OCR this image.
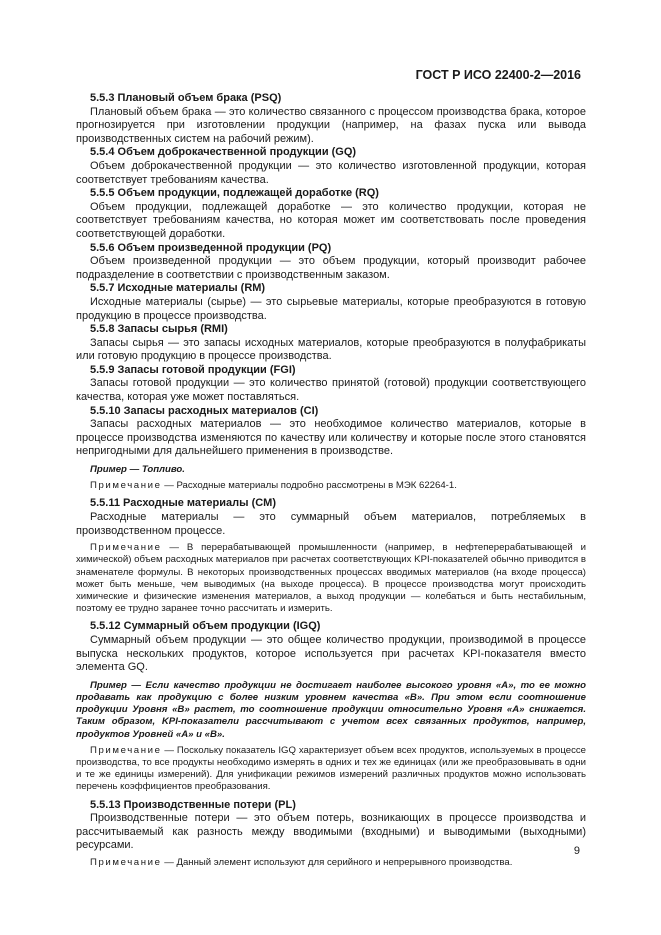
ГОСТ Р ИСО 22400-2—2016

5.5.3 Плановый объем брака (PSQ)

Плановый объем брака — это количество связанного с процессом производства брака, которое прогнозируется при изготовлении продукции (например, на фазах пуска или вывода производственных систем на рабочий режим).

5.5.4 Объем доброкачественной продукции (GQ)

Объем доброкачественной продукции — это количество изготовленной продукции, которая соответствует требованиям качества.

5.5.5 Объем продукции, подлежащей доработке (RQ)

Объем продукции, подлежащей доработке — это количество продукции, которая не соответствует требованиям качества, но которая может им соответствовать после проведения соответствующей доработки.

5.5.6 Объем произведенной продукции (PQ)

Объем произведенной продукции — это объем продукции, который производит рабочее подразделение в соответствии с производственным заказом.

5.5.7 Исходные материалы (RM)

Исходные материалы (сырье) — это сырьевые материалы, которые преобразуются в готовую продукцию в процессе производства.

5.5.8 Запасы сырья (RMI)

Запасы сырья — это запасы исходных материалов, которые преобразуются в полуфабрикаты или готовую продукцию в процессе производства.

5.5.9 Запасы готовой продукции (FGI)

Запасы готовой продукции — это количество принятой (готовой) продукции соответствующего качества, которая уже может поставляться.

5.5.10 Запасы расходных материалов (CI)

Запасы расходных материалов — это необходимое количество материалов, которые в процессе производства изменяются по качеству или количеству и которые после этого становятся непригодными для дальнейшего применения в производстве.

Пример — Топливо.

Примечание — Расходные материалы подробно рассмотрены в МЭК 62264-1.

5.5.11 Расходные материалы (CM)

Расходные материалы — это суммарный объем материалов, потребляемых в производственном процессе.

Примечание — В перерабатывающей промышленности (например, в нефтеперерабатывающей и химической) объем расходных материалов при расчетах соответствующих KPI-показателей обычно приводится в знаменателе формулы. В некоторых производственных процессах вводимых материалов (на входе процесса) может быть меньше, чем выводимых (на выходе процесса). В процессе производства могут происходить химические и физические изменения материалов, а выход продукции — колебаться и быть нестабильным, поэтому ее трудно заранее точно рассчитать и измерить.

5.5.12 Суммарный объем продукции (IGQ)

Суммарный объем продукции — это общее количество продукции, производимой в процессе выпуска нескольких продуктов, которое используется при расчетах KPI-показателя вместо элемента GQ.

Пример — Если качество продукции не достигает наиболее высокого уровня «А», то ее можно продавать как продукцию с более низким уровнем качества «В». При этом если соотношение продукции Уровня «В» растет, то соотношение продукции относительно Уровня «А» снижается. Таким образом, KPI-показатели рассчитывают с учетом всех связанных продуктов, например, продуктов Уровней «А» и «В».

Примечание — Поскольку показатель IGQ характеризует объем всех продуктов, используемых в процессе производства, то все продукты необходимо измерять в одних и тех же единицах (или же преобразовывать в одни и те же единицы измерений). Для унификации режимов измерений различных продуктов можно использовать перечень коэффициентов преобразования.

5.5.13 Производственные потери (PL)

Производственные потери — это объем потерь, возникающих в процессе производства и рассчитываемый как разность между вводимыми (входными) и выводимыми (выходными) ресурсами.

Примечание — Данный элемент используют для серийного и непрерывного производства.

9
